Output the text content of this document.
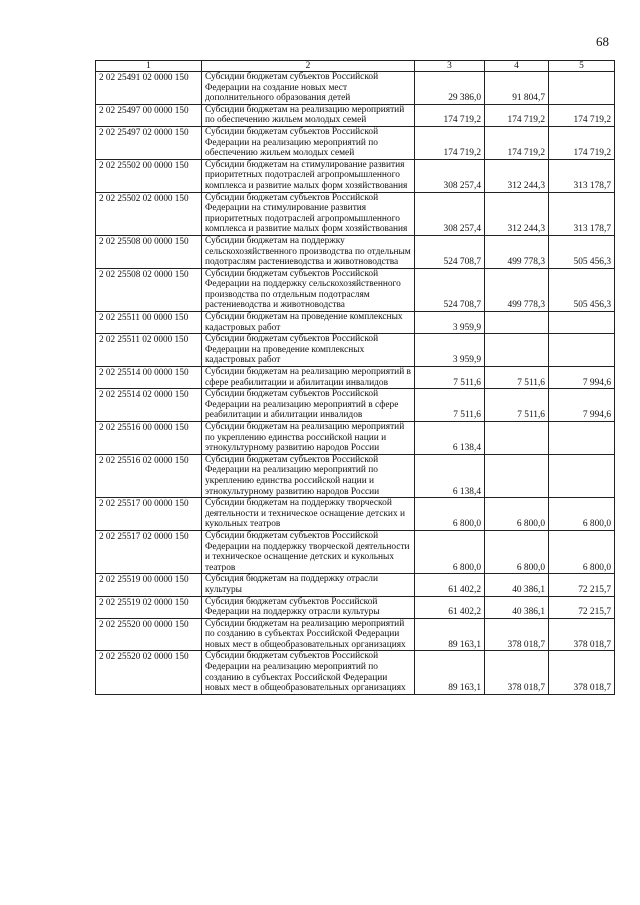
68
1	2	3	4	5
2 02 25491 02 0000 150	Субсидии бюджетам субъектов Российской Федерации на создание новых мест дополнительного образования детей	29 386,0	91 804,7	
2 02 25497 00 0000 150	Субсидии бюджетам на реализацию мероприятий по обеспечению жильем молодых семей	174 719,2	174 719,2	174 719,2
2 02 25497 02 0000 150	Субсидии бюджетам субъектов Российской Федерации на реализацию мероприятий по обеспечению жильем молодых семей	174 719,2	174 719,2	174 719,2
2 02 25502 00 0000 150	Субсидии бюджетам на стимулирование развития приоритетных подотраслей агропромышленного комплекса и развитие малых форм хозяйствования	308 257,4	312 244,3	313 178,7
2 02 25502 02 0000 150	Субсидии бюджетам субъектов Российской Федерации на стимулирование развития приоритетных подотраслей агропромышленного комплекса и развитие малых форм хозяйствования	308 257,4	312 244,3	313 178,7
2 02 25508 00 0000 150	Субсидии бюджетам на поддержку сельскохозяйственного производства по отдельным подотраслям растениеводства и животноводства	524 708,7	499 778,3	505 456,3
2 02 25508 02 0000 150	Субсидии бюджетам субъектов Российской Федерации на поддержку сельскохозяйственного производства по отдельным подотраслям растениеводства и животноводства	524 708,7	499 778,3	505 456,3
2 02 25511 00 0000 150	Субсидии бюджетам на проведение комплексных кадастровых работ	3 959,9		
2 02 25511 02 0000 150	Субсидии бюджетам субъектов Российской Федерации на проведение комплексных кадастровых работ	3 959,9		
2 02 25514 00 0000 150	Субсидии бюджетам на реализацию мероприятий в сфере реабилитации и абилитации инвалидов	7 511,6	7 511,6	7 994,6
2 02 25514 02 0000 150	Субсидии бюджетам субъектов Российской Федерации на реализацию мероприятий в сфере реабилитации и абилитации инвалидов	7 511,6	7 511,6	7 994,6
2 02 25516 00 0000 150	Субсидии бюджетам на реализацию мероприятий по укреплению единства российской нации и этнокультурному развитию народов России	6 138,4		
2 02 25516 02 0000 150	Субсидии бюджетам субъектов Российской Федерации на реализацию мероприятий по укреплению единства российской нации и этнокультурному развитию народов России	6 138,4		
2 02 25517 00 0000 150	Субсидии бюджетам на поддержку творческой деятельности и техническое оснащение детских и кукольных театров	6 800,0	6 800,0	6 800,0
2 02 25517 02 0000 150	Субсидии бюджетам субъектов Российской Федерации на поддержку творческой деятельности и техническое оснащение детских и кукольных театров	6 800,0	6 800,0	6 800,0
2 02 25519 00 0000 150	Субсидия бюджетам на поддержку отрасли культуры	61 402,2	40 386,1	72 215,7
2 02 25519 02 0000 150	Субсидия бюджетам субъектов Российской Федерации на поддержку отрасли культуры	61 402,2	40 386,1	72 215,7
2 02 25520 00 0000 150	Субсидии бюджетам на реализацию мероприятий по созданию в субъектах Российской Федерации новых мест в общеобразовательных организациях	89 163,1	378 018,7	378 018,7
2 02 25520 02 0000 150	Субсидии бюджетам субъектов Российской Федерации на реализацию мероприятий по созданию в субъектах Российской Федерации новых мест в общеобразовательных организациях	89 163,1	378 018,7	378 018,7
